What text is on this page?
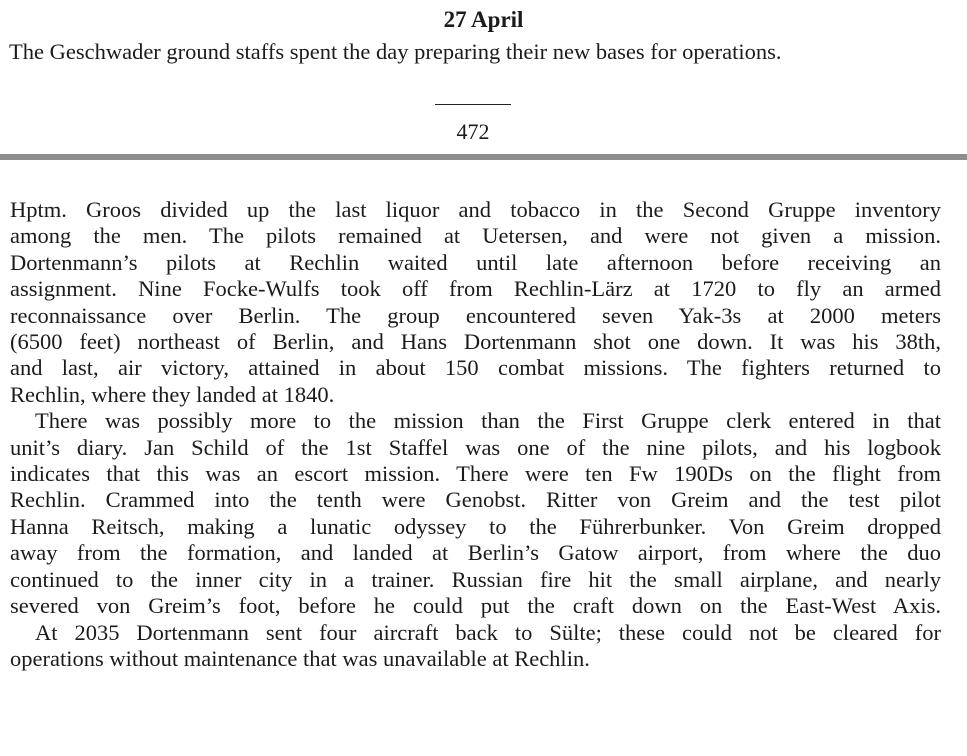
27 April
The Geschwader ground staffs spent the day preparing their new bases for operations.
472
Hptm. Groos divided up the last liquor and tobacco in the Second Gruppe inventory
among the men. The pilots remained at Uetersen, and were not given a mission.
Dortenmann’s pilots at Rechlin waited until late afternoon before receiving an
assignment. Nine Focke-Wulfs took off from Rechlin-Lärz at 1720 to fly an armed
reconnaissance over Berlin. The group encountered seven Yak-3s at 2000 meters
(6500 feet) northeast of Berlin, and Hans Dortenmann shot one down. It was his 38th,
and last, air victory, attained in about 150 combat missions. The fighters returned to
Rechlin, where they landed at 1840.
There was possibly more to the mission than the First Gruppe clerk entered in that
unit’s diary. Jan Schild of the 1st Staffel was one of the nine pilots, and his logbook
indicates that this was an escort mission. There were ten Fw 190Ds on the flight from
Rechlin. Crammed into the tenth were Genobst. Ritter von Greim and the test pilot
Hanna Reitsch, making a lunatic odyssey to the Führerbunker. Von Greim dropped
away from the formation, and landed at Berlin’s Gatow airport, from where the duo
continued to the inner city in a trainer. Russian fire hit the small airplane, and nearly
severed von Greim’s foot, before he could put the craft down on the East-West Axis.
At 2035 Dortenmann sent four aircraft back to Sülte; these could not be cleared for
operations without maintenance that was unavailable at Rechlin.
